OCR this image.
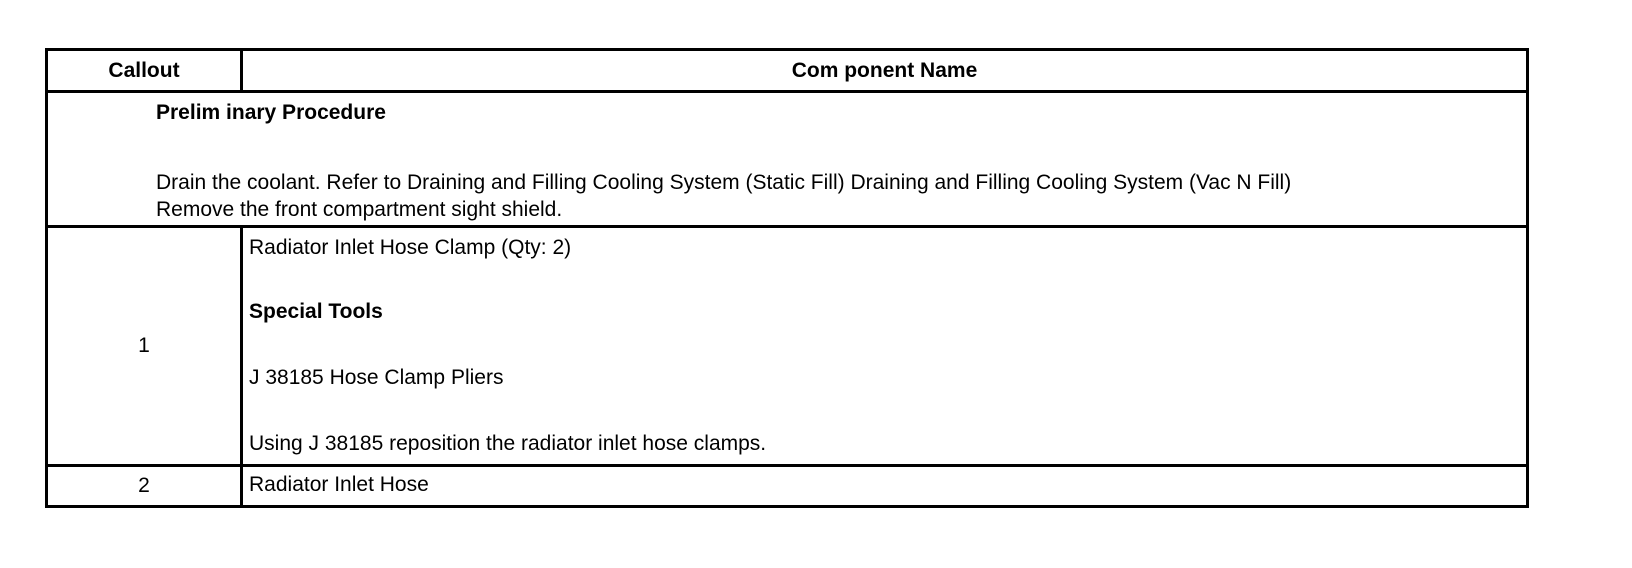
Callout	Com ponent Name
Prelim inary Procedure
Drain the coolant. Refer to Draining and Filling Cooling System (Static Fill) Draining and Filling Cooling System (Vac N Fill)
Remove the front compartment sight shield.
1
Radiator Inlet Hose Clamp (Qty: 2)
Special Tools
J 38185 Hose Clamp Pliers
Using J 38185 reposition the radiator inlet hose clamps.
2	Radiator Inlet Hose
